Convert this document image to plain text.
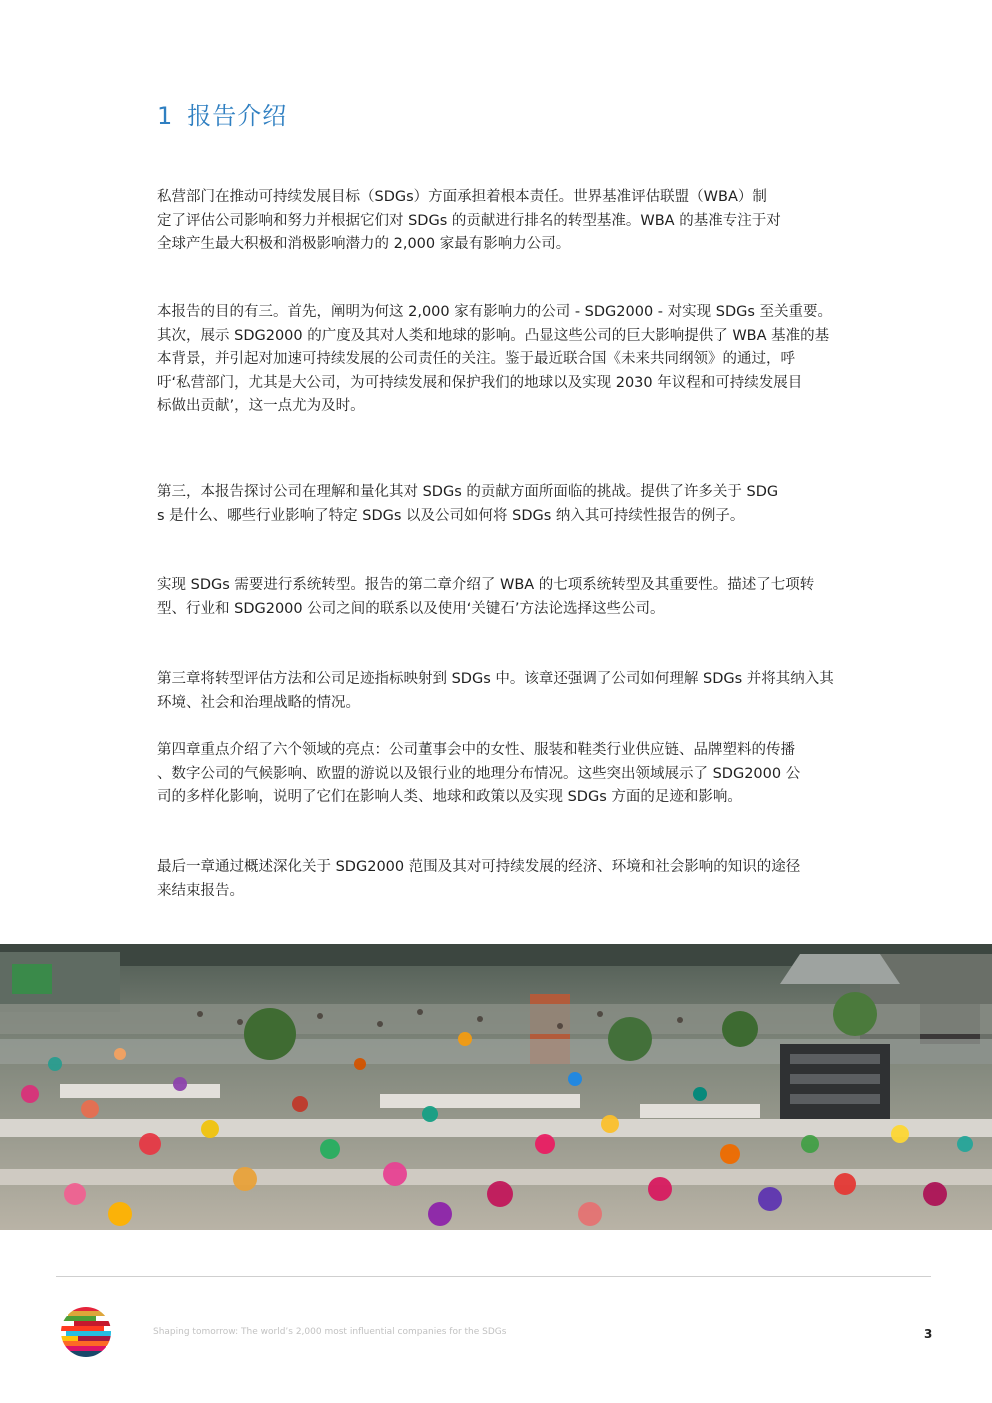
1 报告介绍
私营部门在推动可持续发展目标（SDGs）方面承担着根本责任。世界基准评估联盟（WBA）制
定了评估公司影响和努力并根据它们对 SDGs 的贡献进行排名的转型基准。WBA 的基准专注于对
全球产生最大积极和消极影响潜力的 2,000 家最有影响力公司。
本报告的目的有三。首先，阐明为何这 2,000 家有影响力的公司 - SDG2000 - 对实现 SDGs 至关重要。
其次，展示 SDG2000 的广度及其对人类和地球的影响。凸显这些公司的巨大影响提供了 WBA 基准的基
本背景，并引起对加速可持续发展的公司责任的关注。鉴于最近联合国《未来共同纲领》的通过，呼
吁‘私营部门，尤其是大公司，为可持续发展和保护我们的地球以及实现 2030 年议程和可持续发展目
标做出贡献’，这一点尤为及时。
第三，本报告探讨公司在理解和量化其对 SDGs 的贡献方面所面临的挑战。提供了许多关于 SDG
s 是什么、哪些行业影响了特定 SDGs 以及公司如何将 SDGs 纳入其可持续性报告的例子。
实现 SDGs 需要进行系统转型。报告的第二章介绍了 WBA 的七项系统转型及其重要性。描述了七项转
型、行业和 SDG2000 公司之间的联系以及使用‘关键石’方法论选择这些公司。
第三章将转型评估方法和公司足迹指标映射到 SDGs 中。该章还强调了公司如何理解 SDGs 并将其纳入其
环境、社会和治理战略的情况。
第四章重点介绍了六个领域的亮点：公司董事会中的女性、服装和鞋类行业供应链、品牌塑料的传播
、数字公司的气候影响、欧盟的游说以及银行业的地理分布情况。这些突出领域展示了 SDG2000 公
司的多样化影响，说明了它们在影响人类、地球和政策以及实现 SDGs 方面的足迹和影响。
最后一章通过概述深化关于 SDG2000 范围及其对可持续发展的经济、环境和社会影响的知识的途径
来结束报告。
Shaping tomorrow: The world’s 2,000 most influential companies for the SDGs	3
